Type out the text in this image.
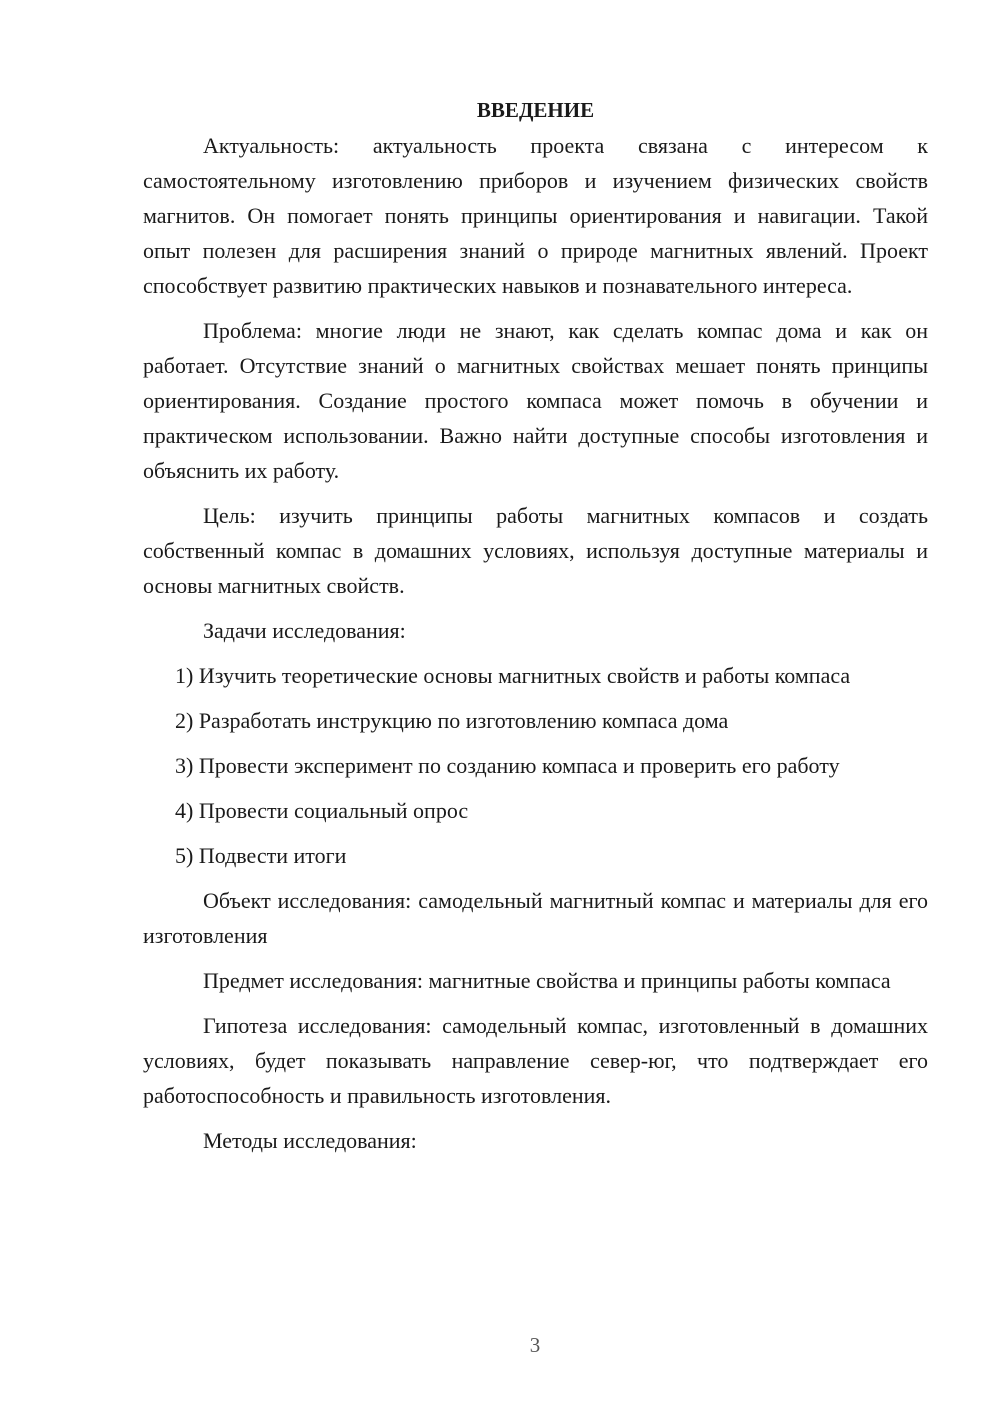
ВВЕДЕНИЕ

Актуальность: актуальность проекта связана с интересом к самостоятельному изготовлению приборов и изучением физических свойств магнитов. Он помогает понять принципы ориентирования и навигации. Такой опыт полезен для расширения знаний о природе магнитных явлений. Проект способствует развитию практических навыков и познавательного интереса.

Проблема: многие люди не знают, как сделать компас дома и как он работает. Отсутствие знаний о магнитных свойствах мешает понять принципы ориентирования. Создание простого компаса может помочь в обучении и практическом использовании. Важно найти доступные способы изготовления и объяснить их работу.

Цель: изучить принципы работы магнитных компасов и создать собственный компас в домашних условиях, используя доступные материалы и основы магнитных свойств.

Задачи исследования:

1) Изучить теоретические основы магнитных свойств и работы компаса

2) Разработать инструкцию по изготовлению компаса дома

3) Провести эксперимент по созданию компаса и проверить его работу

4) Провести социальный опрос

5) Подвести итоги

Объект исследования: самодельный магнитный компас и материалы для его изготовления

Предмет исследования: магнитные свойства и принципы работы компаса

Гипотеза исследования: самодельный компас, изготовленный в домашних условиях, будет показывать направление север-юг, что подтверждает его работоспособность и правильность изготовления.

Методы исследования:

3
